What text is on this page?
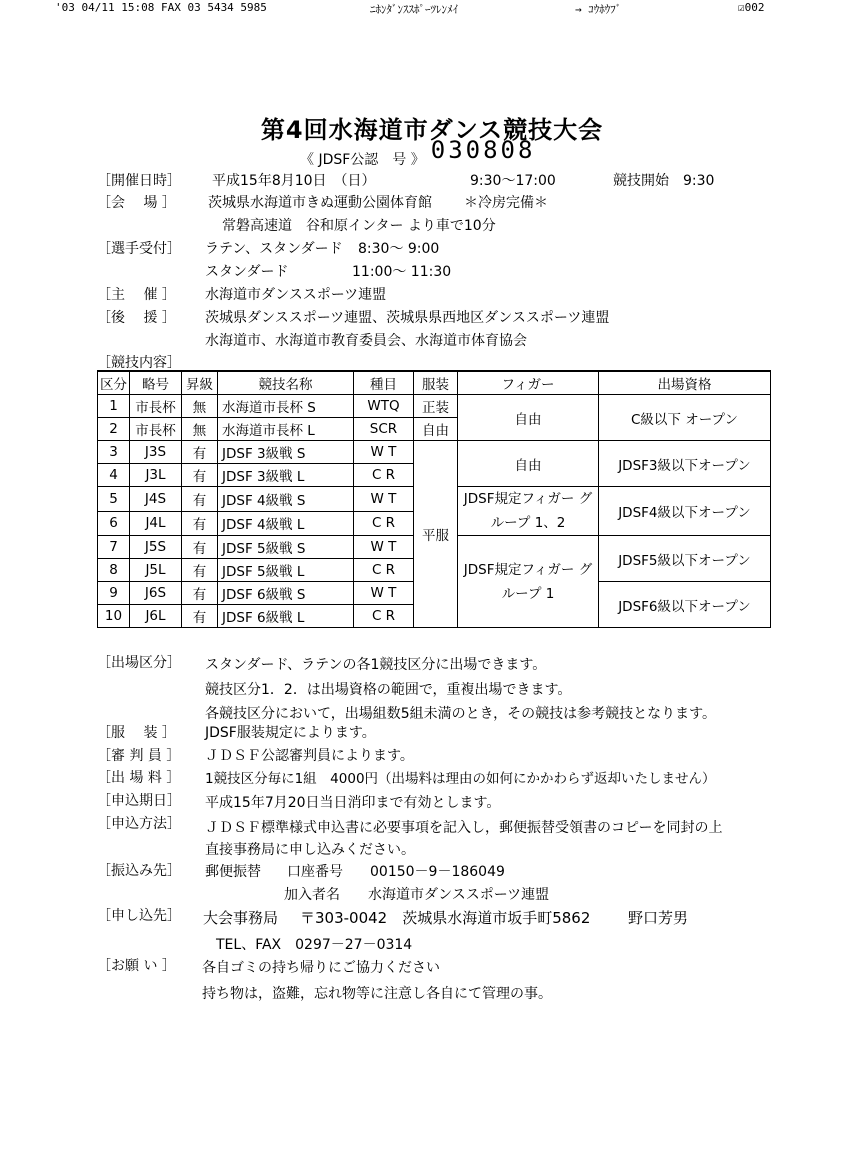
'03 04/11 15:08 FAX 03 5434 5985	ﾆﾎﾝﾀﾞﾝｽｽﾎﾟｰﾂﾚﾝﾒｲ	→ ｺｳﾎｳﾌﾞ	☑002
第4回水海道市ダンス競技大会
《 JDSF公認　号 》 030808
［開催日時］ 平成15年8月10日　（日）	9:30～17:00	競技開始　9:30
［会　 場 ］ 茨城県水海道市きぬ運動公園体育館 ＊冷房完備＊
常磐高速道　谷和原インター より車で10分
［選手受付］ ラテン、スタンダード 8:30～ 9:00
スタンダード	11:00～ 11:30
［主　 催 ］ 水海道市ダンススポーツ連盟
［後　 援 ］ 茨城県ダンススポーツ連盟、茨城県県西地区ダンススポーツ連盟
水海道市、水海道市教育委員会、水海道市体育協会
［競技内容］
区分	略号	昇級	競技名称	種目	服装	フィガー	出場資格
1	市長杯	無	水海道市長杯 S	WTQ	正装	自由	C級以下 オープン
2	市長杯	無	水海道市長杯 L	SCR	自由		
3	J3S	有	JDSF 3級戦 S	W T	平服	自由	JDSF3級以下オープン
4	J3L	有	JDSF 3級戦 L	C R			
5	J4S	有	JDSF 4級戦 S	W T		JDSF規定フィガー グループ 1、2	JDSF4級以下オープン
6	J4L	有	JDSF 4級戦 L	C R			
7	J5S	有	JDSF 5級戦 S	W T		JDSF規定フィガー グループ 1	JDSF5級以下オープン
8	J5L	有	JDSF 5級戦 L	C R			
9	J6S	有	JDSF 6級戦 S	W T			JDSF6級以下オープン
10	J6L	有	JDSF 6級戦 L	C R			
［出場区分］ スタンダード、ラテンの各1競技区分に出場できます。
競技区分1．2．は出場資格の範囲で，重複出場できます。
各競技区分において，出場組数5組未満のとき，その競技は参考競技となります。
［服　 装 ］ JDSF服装規定によります。
［審 判 員 ］ ＪＤＳＦ公認審判員によります。
［出 場 料 ］ 1競技区分毎に1組　4000円（出場料は理由の如何にかかわらず返却いたしません）
［申込期日］ 平成15年7月20日当日消印まで有効とします。
［申込方法］ ＪＤＳＦ標準様式申込書に必要事項を記入し，郵便振替受領書のコピーを同封の上
直接事務局に申し込みください。
［振込み先］ 郵便振替 口座番号 00150－9－186049
加入者名 水海道市ダンススポーツ連盟
［申し込先］ 大会事務局 〒303-0042　茨城県水海道市坂手町5862	野口芳男
TEL、FAX　0297－27－0314
［お願 い ］ 各自ゴミの持ち帰りにご協力ください
持ち物は，盗難，忘れ物等に注意し各自にて管理の事。
